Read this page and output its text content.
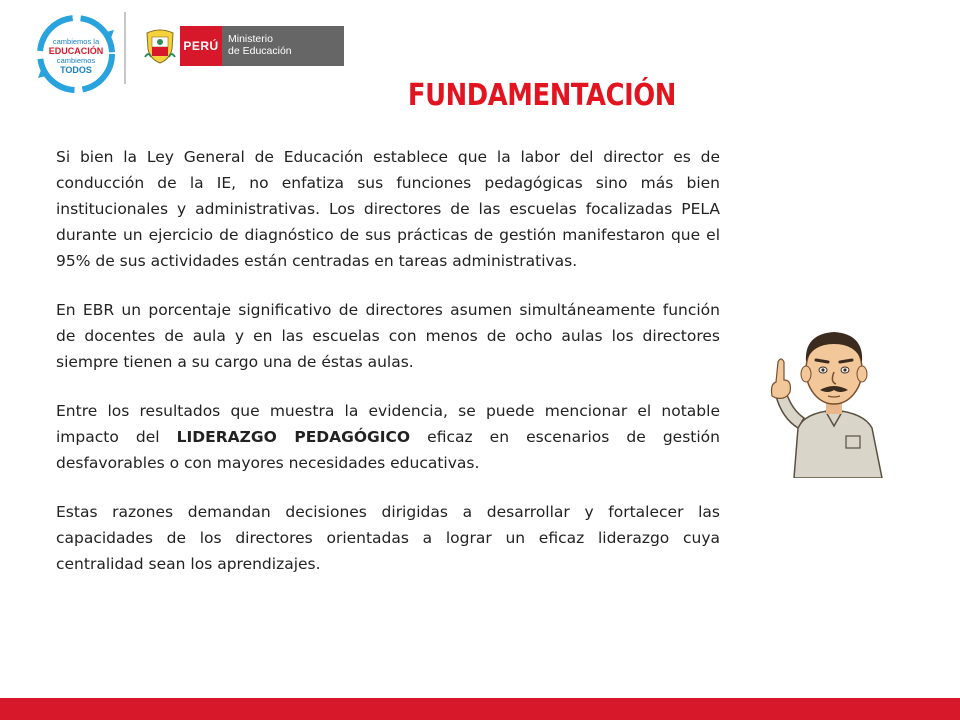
cambiemos la
EDUCACIÓN
cambiemos
TODOS
PERÚ Ministerio
de Educación
FUNDAMENTACIÓN

Si bien la Ley General de Educación establece que la labor del director es de conducción de la IE, no enfatiza sus funciones pedagógicas sino más bien institucionales y administrativas. Los directores de las escuelas focalizadas PELA durante un ejercicio de diagnóstico de sus prácticas de gestión manifestaron que el 95% de sus actividades están centradas en tareas administrativas.

En EBR un porcentaje significativo de directores asumen simultáneamente función de docentes de aula y en las escuelas con menos de ocho aulas los directores siempre tienen a su cargo una de éstas aulas.

Entre los resultados que muestra la evidencia, se puede mencionar el notable impacto del LIDERAZGO PEDAGÓGICO eficaz en escenarios de gestión desfavorables o con mayores necesidades educativas.

Estas razones demandan decisiones dirigidas a desarrollar y fortalecer las capacidades de los directores orientadas a lograr un eficaz liderazgo cuya centralidad sean los aprendizajes.
